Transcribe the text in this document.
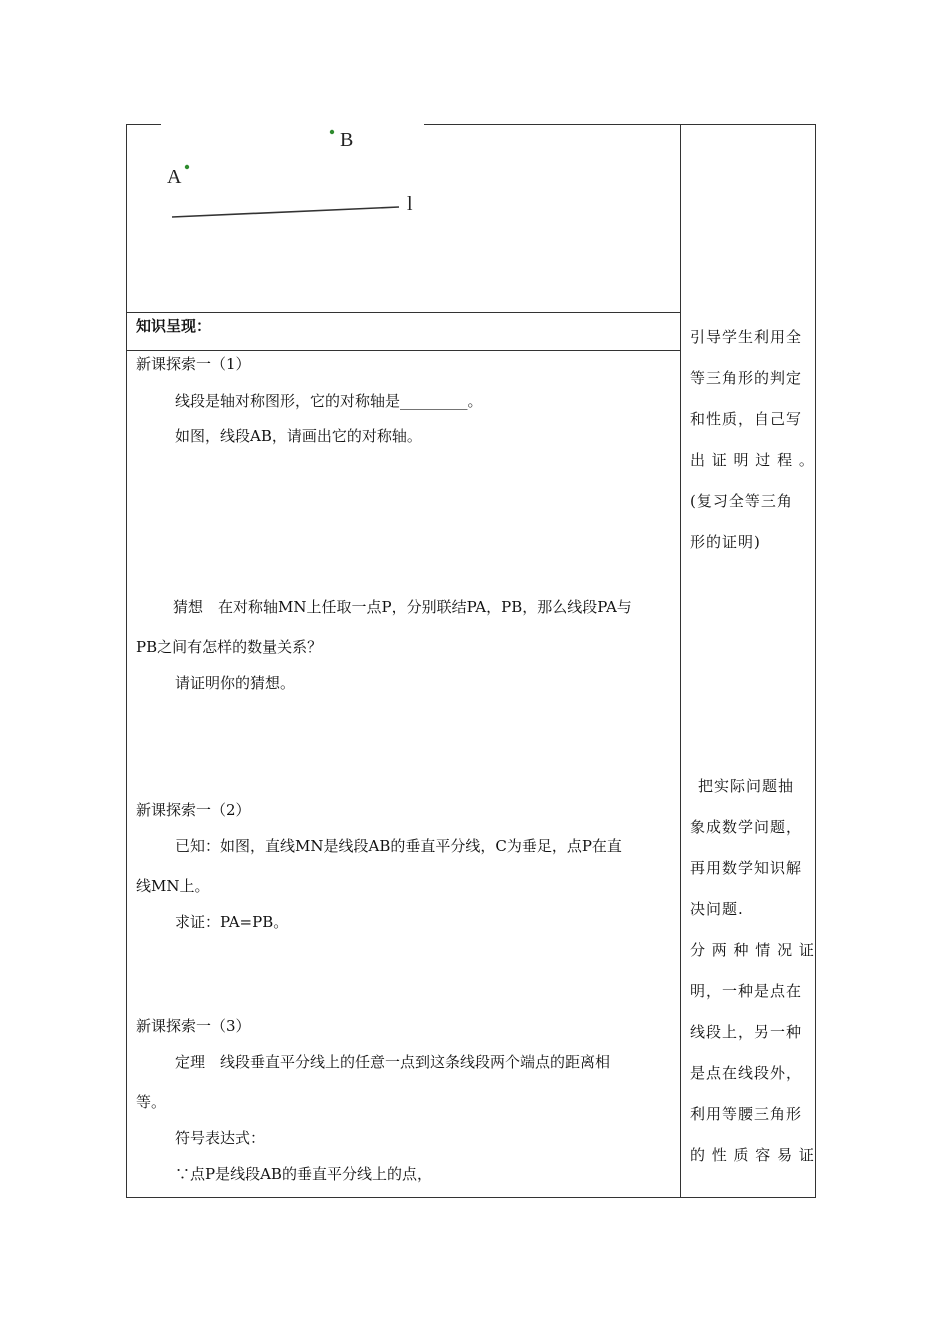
B
A
l
知识呈现：
新课探索一（1）
线段是轴对称图形，它的对称轴是_________。
如图，线段AB，请画出它的对称轴。
猜想　在对称轴MN上任取一点P，分别联结PA，PB，那么线段PA与
PB之间有怎样的数量关系？
请证明你的猜想。
新课探索一（2）
已知：如图，直线MN是线段AB的垂直平分线，C为垂足，点P在直
线MN上。
求证：PA=PB。
新课探索一（3）
定理　线段垂直平分线上的任意一点到这条线段两个端点的距离相
等。
符号表达式：
∵点P是线段AB的垂直平分线上的点，
引导学生利用全
等三角形的判定
和性质，自己写
出 证 明 过 程 。
(复习全等三角
形的证明)
把实际问题抽
象成数学问题，
再用数学知识解
决问题.
分 两 种 情 况 证
明，一种是点在
线段上，另一种
是点在线段外，
利用等腰三角形
的 性 质 容 易 证
